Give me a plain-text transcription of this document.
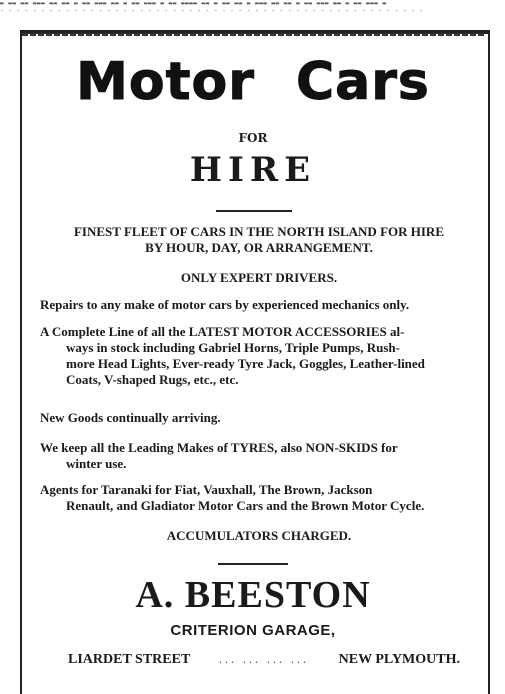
▬ ▬▬ ▬▬ ▬▬▬ ▬▬ ▬▬ ▬ ▬▬ ▬▬▬ ▬▬ ▬ ▬▬ ▬▬▬ ▬ ▬▬ ▬▬▬▬ ▬▬ ▬ ▬▬ ▬▬ ▬ ▬▬▬ ▬▬ ▬▬ ▬ ▬▬ ▬▬▬ ▬▬ ▬ ▬▬ ▬▬▬ ▬
- - - - - - - - - - - - - - - - - - - - - - - - - - - - - - - - - - - - - - - - - - - - - - - - - - - -
Motor Cars
FOR
HIRE
FINEST FLEET OF CARS IN THE NORTH ISLAND FOR HIRE
BY HOUR, DAY, OR ARRANGEMENT.
ONLY EXPERT DRIVERS.
Repairs to any make of motor cars by experienced mechanics only.
A Complete Line of all the LATEST MOTOR ACCESSORIES al-
ways in stock including Gabriel Horns, Triple Pumps, Rush-
more Head Lights, Ever-ready Tyre Jack, Goggles, Leather-lined
Coats, V-shaped Rugs, etc., etc.
New Goods continually arriving.
We keep all the Leading Makes of TYRES, also NON-SKIDS for
winter use.
Agents for Taranaki for Fiat, Vauxhall, The Brown, Jackson
Renault, and Gladiator Motor Cars and the Brown Motor Cycle.
ACCUMULATORS CHARGED.
A. BEESTON
CRITERION GARAGE,
LIARDET STREET	... ... ... ... NEW PLYMOUTH.
